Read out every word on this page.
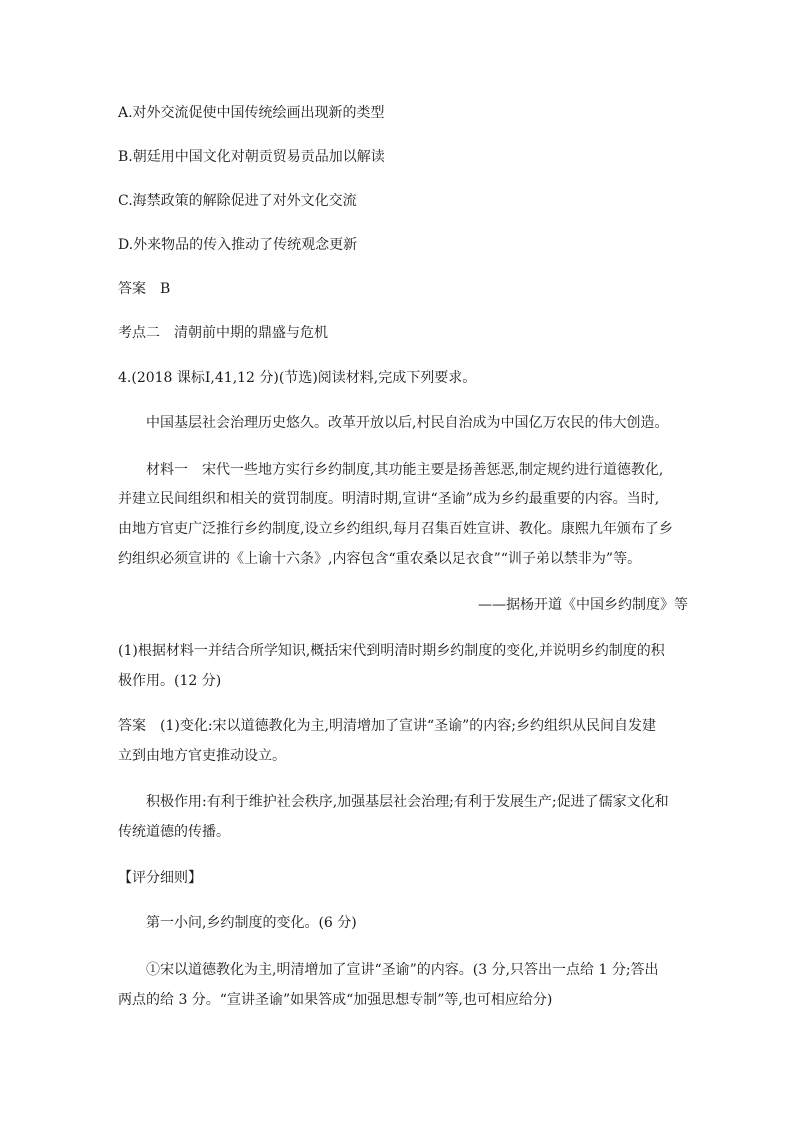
A.对外交流促使中国传统绘画出现新的类型
B.朝廷用中国文化对朝贡贸易贡品加以解读
C.海禁政策的解除促进了对外文化交流
D.外来物品的传入推动了传统观念更新
答案　B
考点二　清朝前中期的鼎盛与危机
4.(2018 课标Ⅰ,41,12 分)(节选)阅读材料,完成下列要求。
中国基层社会治理历史悠久。改革开放以后,村民自治成为中国亿万农民的伟大创造。
材料一　宋代一些地方实行乡约制度,其功能主要是扬善惩恶,制定规约进行道德教化,
并建立民间组织和相关的赏罚制度。明清时期,宣讲“圣谕”成为乡约最重要的内容。当时,
由地方官吏广泛推行乡约制度,设立乡约组织,每月召集百姓宣讲、教化。康熙九年颁布了乡
约组织必须宣讲的《上谕十六条》,内容包含“重农桑以足衣食”“训子弟以禁非为”等。
——据杨开道《中国乡约制度》等
(1)根据材料一并结合所学知识,概括宋代到明清时期乡约制度的变化,并说明乡约制度的积
极作用。(12 分)
答案　(1)变化:宋以道德教化为主,明清增加了宣讲“圣谕”的内容;乡约组织从民间自发建
立到由地方官吏推动设立。
积极作用:有利于维护社会秩序,加强基层社会治理;有利于发展生产;促进了儒家文化和
传统道德的传播。
【评分细则】
第一小问,乡约制度的变化。(6 分)
①宋以道德教化为主,明清增加了宣讲“圣谕”的内容。(3 分,只答出一点给 1 分;答出
两点的给 3 分。“宣讲圣谕”如果答成“加强思想专制”等,也可相应给分)
